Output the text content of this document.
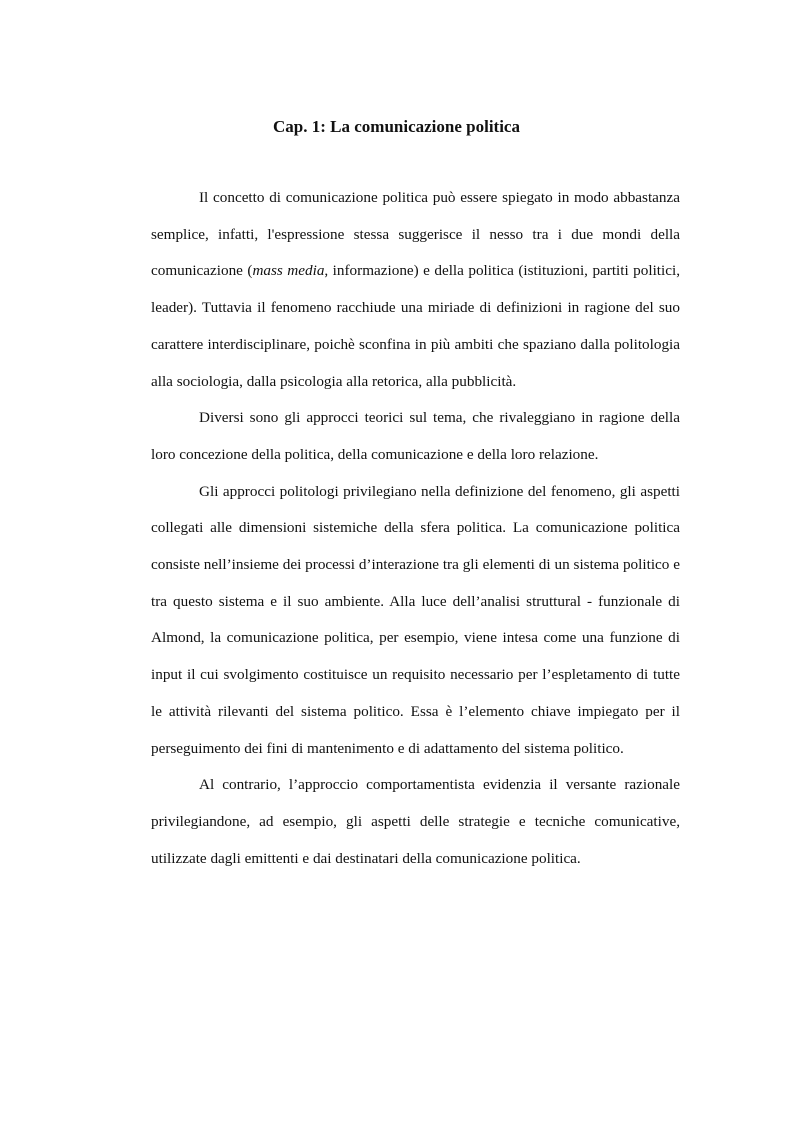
Cap. 1: La comunicazione politica

Il concetto di comunicazione politica può essere spiegato in modo abbastanza semplice, infatti, l'espressione stessa suggerisce il nesso tra i due mondi della comunicazione (mass media, informazione) e della politica (istituzioni, partiti politici, leader). Tuttavia il fenomeno racchiude una miriade di definizioni in ragione del suo carattere interdisciplinare, poichè sconfina in più ambiti che spaziano dalla politologia alla sociologia, dalla psicologia alla retorica, alla pubblicità.

Diversi sono gli approcci teorici sul tema, che rivaleggiano in ragione della loro concezione della politica, della comunicazione e della loro relazione.

Gli approcci politologi privilegiano nella definizione del fenomeno, gli aspetti collegati alle dimensioni sistemiche della sfera politica. La comunicazione politica consiste nell’insieme dei processi d’interazione tra gli elementi di un sistema politico e tra questo sistema e il suo ambiente. Alla luce dell’analisi struttural - funzionale di Almond, la comunicazione politica, per esempio, viene intesa come una funzione di input il cui svolgimento costituisce un requisito necessario per l’espletamento di tutte le attività rilevanti del sistema politico. Essa è l’elemento chiave impiegato per il perseguimento dei fini di mantenimento e di adattamento del sistema politico.

Al contrario, l’approccio comportamentista evidenzia il versante razionale privilegiandone, ad esempio, gli aspetti delle strategie e tecniche comunicative, utilizzate dagli emittenti e dai destinatari della comunicazione politica.
